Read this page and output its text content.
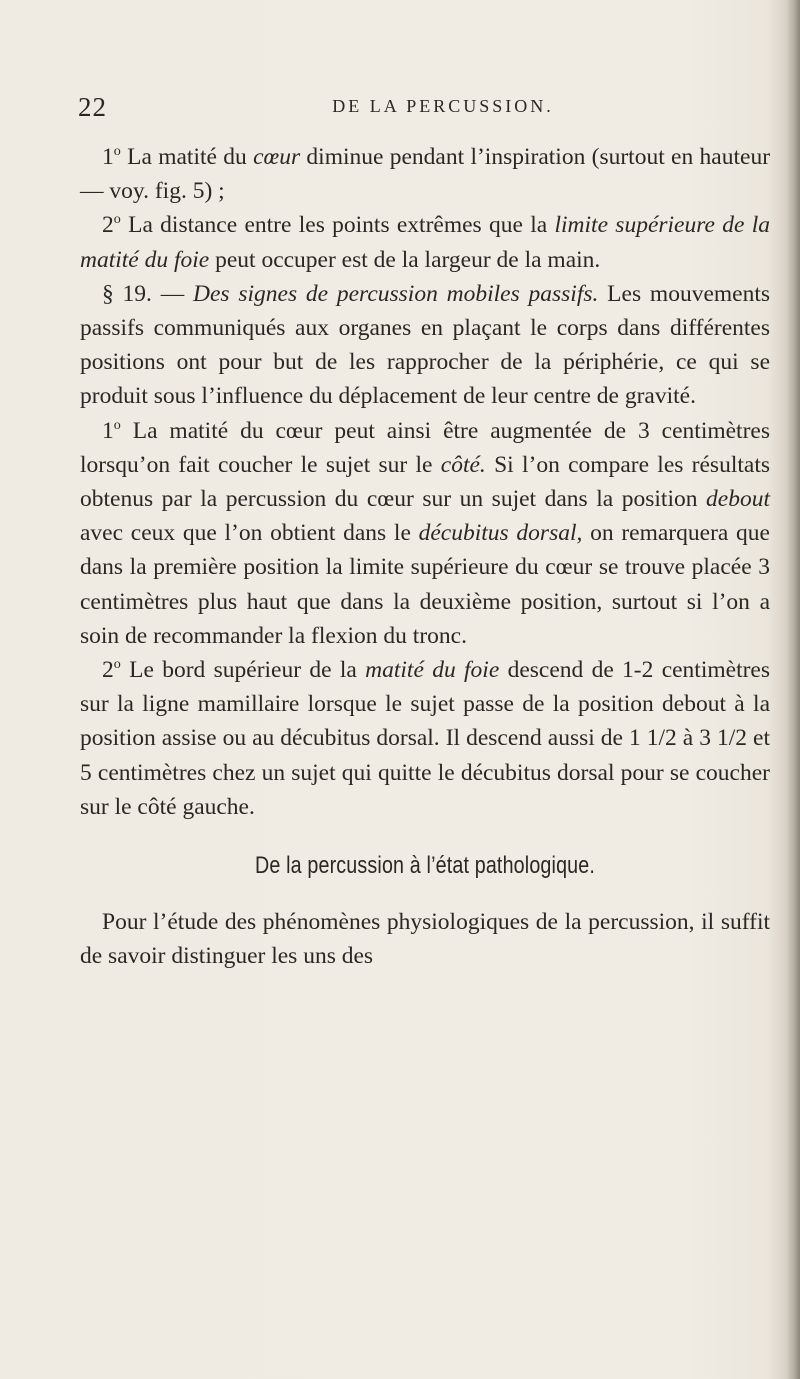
22	DE LA PERCUSSION.

1$^o$ La matité du cœur diminue pendant l’inspiration (surtout en hauteur — voy. fig. 5) ;

2$^o$ La distance entre les points extrêmes que la limite supérieure de la matité du foie peut occuper est de la largeur de la main.

§ 19. — Des signes de percussion mobiles passifs. Les mouvements passifs communiqués aux organes en plaçant le corps dans différentes positions ont pour but de les rapprocher de la périphérie, ce qui se produit sous l’influence du déplacement de leur centre de gravité.

1$^o$ La matité du cœur peut ainsi être augmentée de 3 centimètres lorsqu’on fait coucher le sujet sur le côté. Si l’on compare les résultats obtenus par la percussion du cœur sur un sujet dans la position debout avec ceux que l’on obtient dans le décubitus dorsal, on remarquera que dans la première position la limite supérieure du cœur se trouve placée 3 centimètres plus haut que dans la deuxième position, surtout si l’on a soin de recommander la flexion du tronc.

2$^o$ Le bord supérieur de la matité du foie descend de 1-2 centimètres sur la ligne mamillaire lorsque le sujet passe de la position debout à la position assise ou au décubitus dorsal. Il descend aussi de 1 1/2 à 3 1/2 et 5 centimètres chez un sujet qui quitte le décubitus dorsal pour se coucher sur le côté gauche.

De la percussion à l’état pathologique.

Pour l’étude des phénomènes physiologiques de la percussion, il suffit de savoir distinguer les uns des
